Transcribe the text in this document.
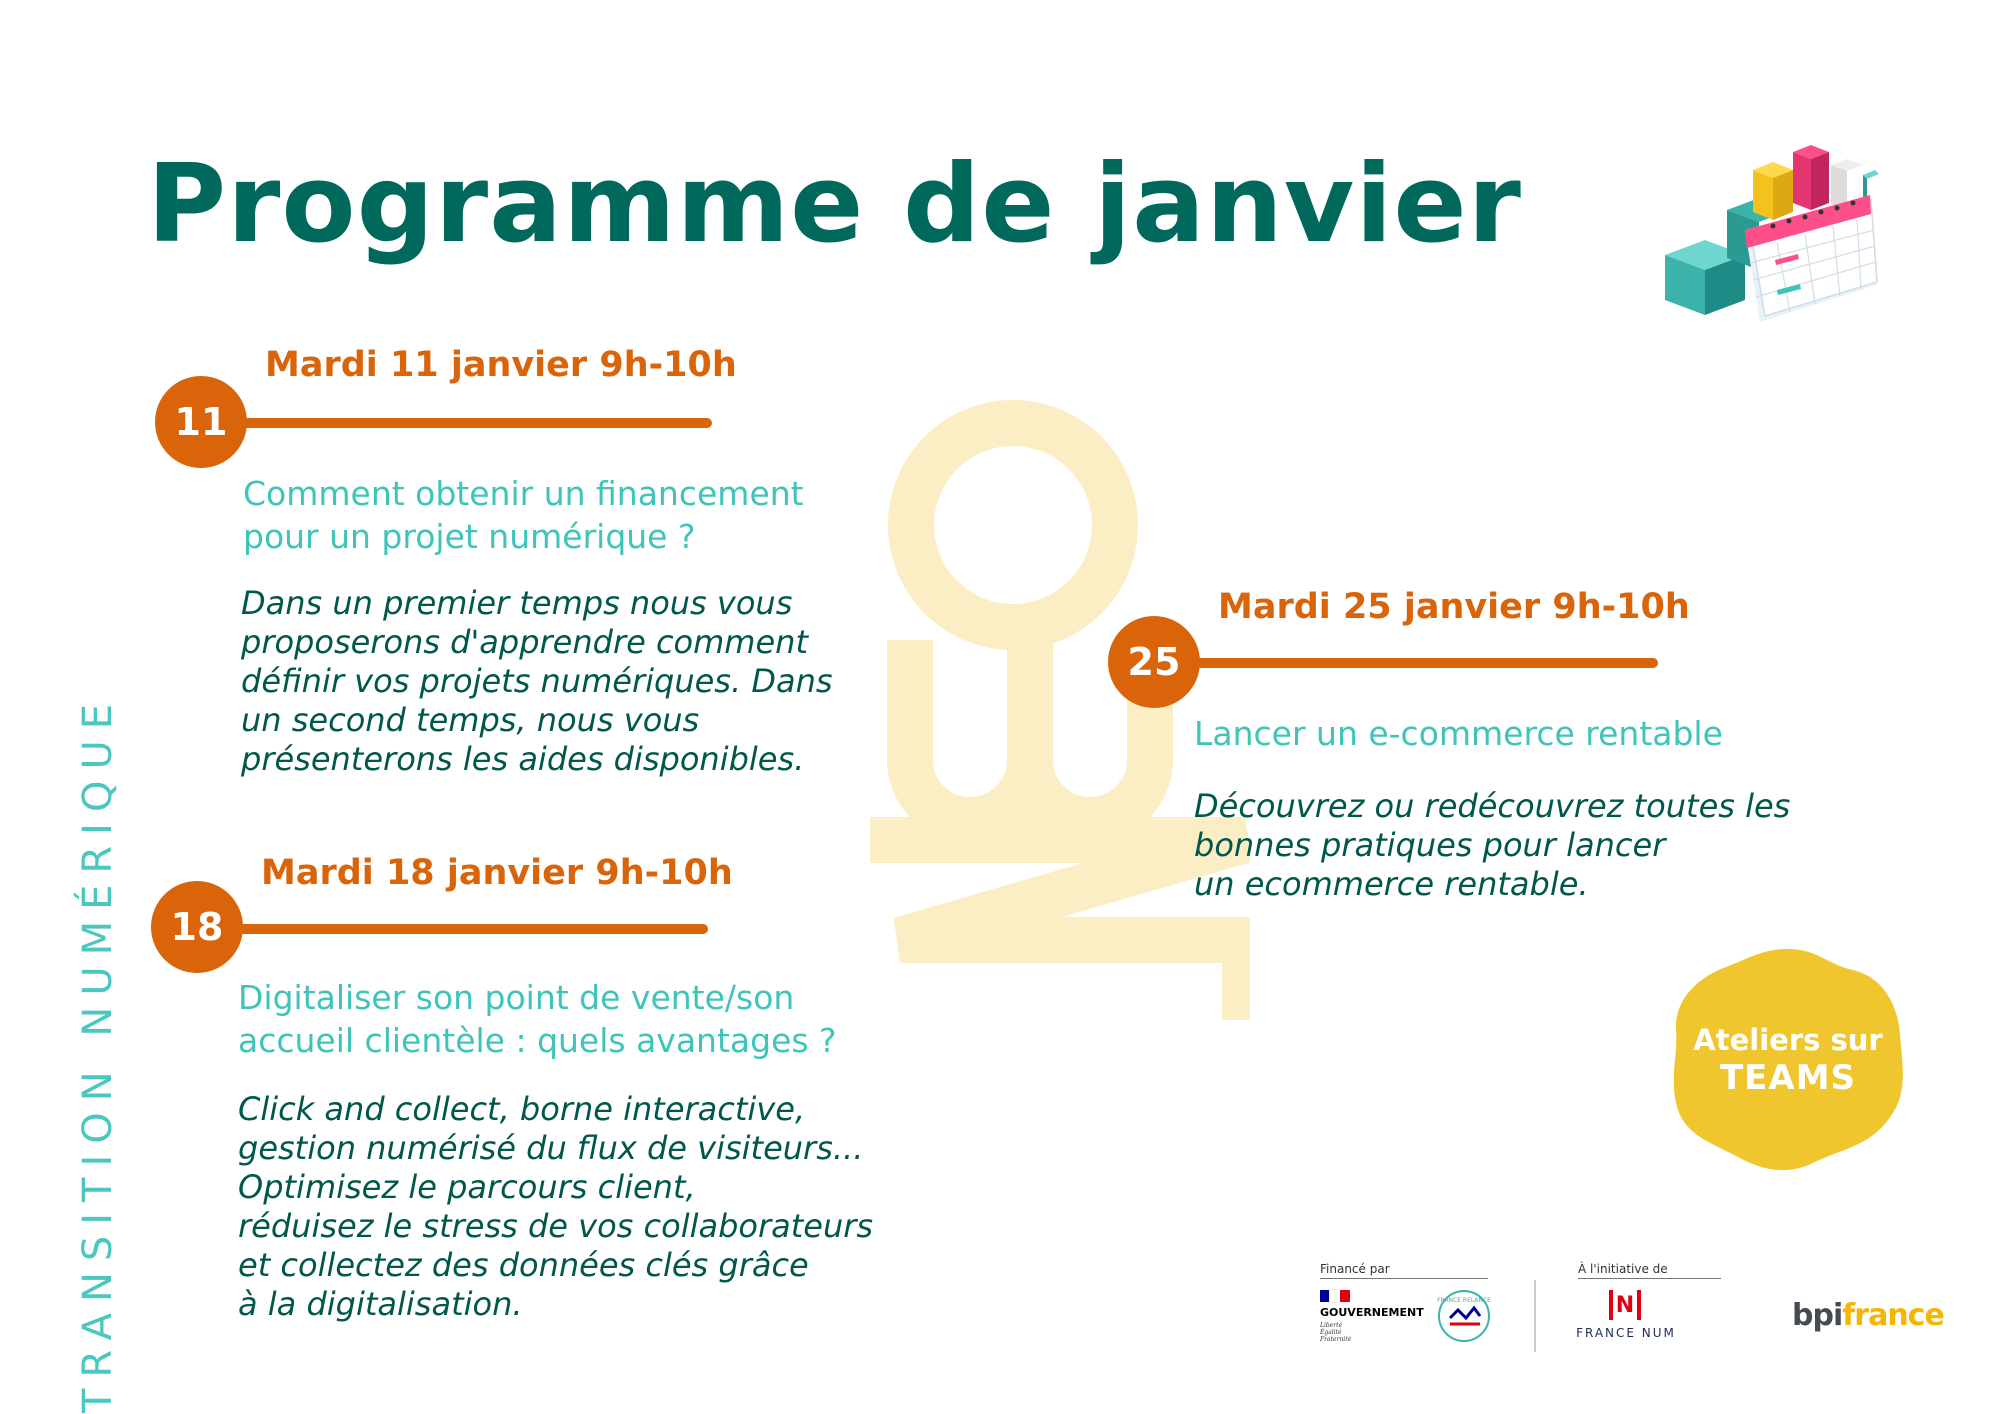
Programme de janvier
TRANSITION NUMÉRIQUE
Mardi 11 janvier 9h-10h
11

Comment obtenir un financement
pour un projet numérique ?

Dans un premier temps nous vous
proposerons d'apprendre comment
définir vos projets numériques. Dans
un second temps, nous vous
présenterons les aides disponibles.

Mardi 18 janvier 9h-10h
18

Digitaliser son point de vente/son
accueil clientèle : quels avantages ?

Click and collect, borne interactive,
gestion numérisé du flux de visiteurs...
Optimisez le parcours client,
réduisez le stress de vos collaborateurs
et collectez des données clés grâce
à la digitalisation.

Mardi 25 janvier 9h-10h
25

Lancer un e-commerce rentable

Découvrez ou redécouvrez toutes les
bonnes pratiques pour lancer
un ecommerce rentable.

Ateliers sur
TEAMS
Financé par
GOUVERNEMENT
Liberté
Égalité
Fraternité
FRANCE RELANCE
À l'initiative de
N
FRANCE NUM	bpifrance
